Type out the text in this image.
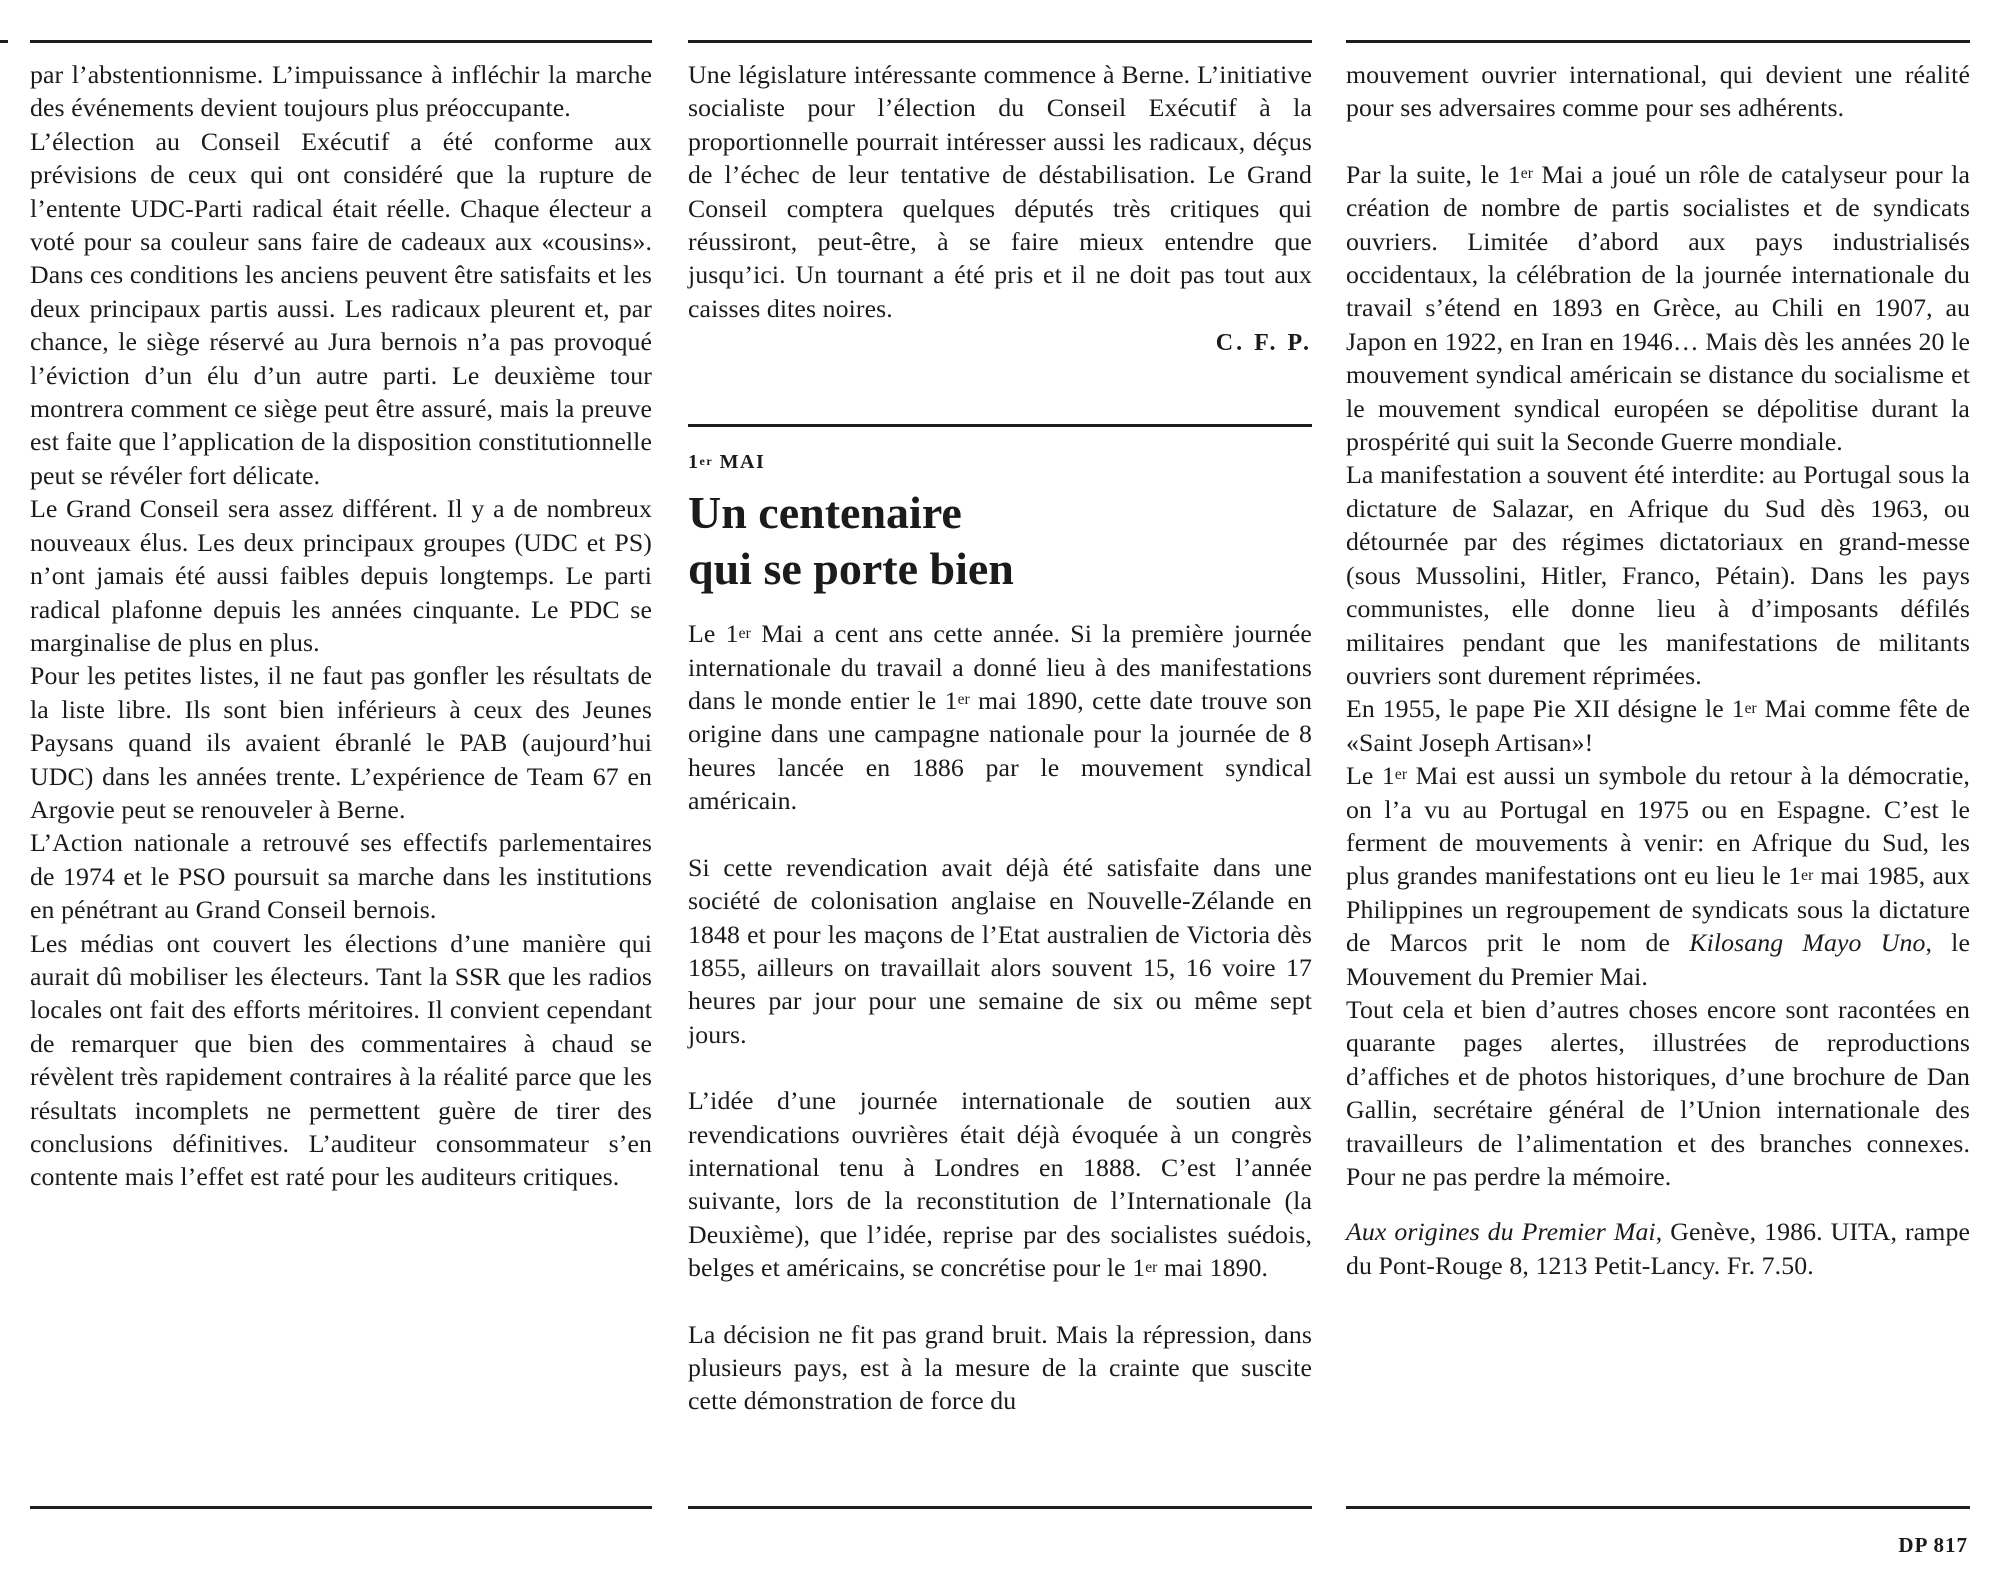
par l’abstentionnisme. L’impuissance à infléchir la marche des événements devient toujours plus préoccupante.

L’élection au Conseil Exécutif a été conforme aux prévisions de ceux qui ont considéré que la rupture de l’entente UDC-Parti radical était réelle. Chaque électeur a voté pour sa couleur sans faire de cadeaux aux «cousins». Dans ces conditions les anciens peuvent être satisfaits et les deux principaux partis aussi. Les radicaux pleurent et, par chance, le siège réservé au Jura bernois n’a pas provoqué l’éviction d’un élu d’un autre parti. Le deuxième tour montrera comment ce siège peut être assuré, mais la preuve est faite que l’application de la disposition constitutionnelle peut se révéler fort délicate.

Le Grand Conseil sera assez différent. Il y a de nombreux nouveaux élus. Les deux principaux groupes (UDC et PS) n’ont jamais été aussi faibles depuis longtemps. Le parti radical plafonne depuis les années cinquante. Le PDC se marginalise de plus en plus.

Pour les petites listes, il ne faut pas gonfler les résultats de la liste libre. Ils sont bien inférieurs à ceux des Jeunes Paysans quand ils avaient ébranlé le PAB (aujourd’hui UDC) dans les années trente. L’expérience de Team 67 en Argovie peut se renouveler à Berne.

L’Action nationale a retrouvé ses effectifs parlementaires de 1974 et le PSO poursuit sa marche dans les institutions en pénétrant au Grand Conseil bernois.

Les médias ont couvert les élections d’une manière qui aurait dû mobiliser les électeurs. Tant la SSR que les radios locales ont fait des efforts méritoires. Il convient cependant de remarquer que bien des commentaires à chaud se révèlent très rapidement contraires à la réalité parce que les résultats incomplets ne permettent guère de tirer des conclusions définitives. L’auditeur consommateur s’en contente mais l’effet est raté pour les auditeurs critiques.

Une législature intéressante commence à Berne. L’initiative socialiste pour l’élection du Conseil Exécutif à la proportionnelle pourrait intéresser aussi les radicaux, déçus de l’échec de leur tentative de déstabilisation. Le Grand Conseil comptera quelques députés très critiques qui réussiront, peut-être, à se faire mieux entendre que jusqu’ici. Un tournant a été pris et il ne doit pas tout aux caisses dites noires.

C. F. P.
1er MAI
Un centenaire
qui se porte bien

Le 1er Mai a cent ans cette année. Si la première journée internationale du travail a donné lieu à des manifestations dans le monde entier le 1er mai 1890, cette date trouve son origine dans une campagne nationale pour la journée de 8 heures lancée en 1886 par le mouvement syndical américain.

Si cette revendication avait déjà été satisfaite dans une société de colonisation anglaise en Nouvelle-Zélande en 1848 et pour les maçons de l’Etat australien de Victoria dès 1855, ailleurs on travaillait alors souvent 15, 16 voire 17 heures par jour pour une semaine de six ou même sept jours.

L’idée d’une journée internationale de soutien aux revendications ouvrières était déjà évoquée à un congrès international tenu à Londres en 1888. C’est l’année suivante, lors de la reconstitution de l’Internationale (la Deuxième), que l’idée, reprise par des socialistes suédois, belges et américains, se concrétise pour le 1er mai 1890.

La décision ne fit pas grand bruit. Mais la répression, dans plusieurs pays, est à la mesure de la crainte que suscite cette démonstration de force du

mouvement ouvrier international, qui devient une réalité pour ses adversaires comme pour ses adhérents.

Par la suite, le 1er Mai a joué un rôle de catalyseur pour la création de nombre de partis socialistes et de syndicats ouvriers. Limitée d’abord aux pays industrialisés occidentaux, la célébration de la journée internationale du travail s’étend en 1893 en Grèce, au Chili en 1907, au Japon en 1922, en Iran en 1946… Mais dès les années 20 le mouvement syndical américain se distance du socialisme et le mouvement syndical européen se dépolitise durant la prospérité qui suit la Seconde Guerre mondiale.

La manifestation a souvent été interdite: au Portugal sous la dictature de Salazar, en Afrique du Sud dès 1963, ou détournée par des régimes dictatoriaux en grand-messe (sous Mussolini, Hitler, Franco, Pétain). Dans les pays communistes, elle donne lieu à d’imposants défilés militaires pendant que les manifestations de militants ouvriers sont durement réprimées.

En 1955, le pape Pie XII désigne le 1er Mai comme fête de «Saint Joseph Artisan»!

Le 1er Mai est aussi un symbole du retour à la démocratie, on l’a vu au Portugal en 1975 ou en Espagne. C’est le ferment de mouvements à venir: en Afrique du Sud, les plus grandes manifestations ont eu lieu le 1er mai 1985, aux Philippines un regroupement de syndicats sous la dictature de Marcos prit le nom de Kilosang Mayo Uno, le Mouvement du Premier Mai.

Tout cela et bien d’autres choses encore sont racontées en quarante pages alertes, illustrées de reproductions d’affiches et de photos historiques, d’une brochure de Dan Gallin, secrétaire général de l’Union internationale des travailleurs de l’alimentation et des branches connexes. Pour ne pas perdre la mémoire.

Aux origines du Premier Mai, Genève, 1986. UITA, rampe du Pont-Rouge 8, 1213 Petit-Lancy. Fr. 7.50.

DP 817
